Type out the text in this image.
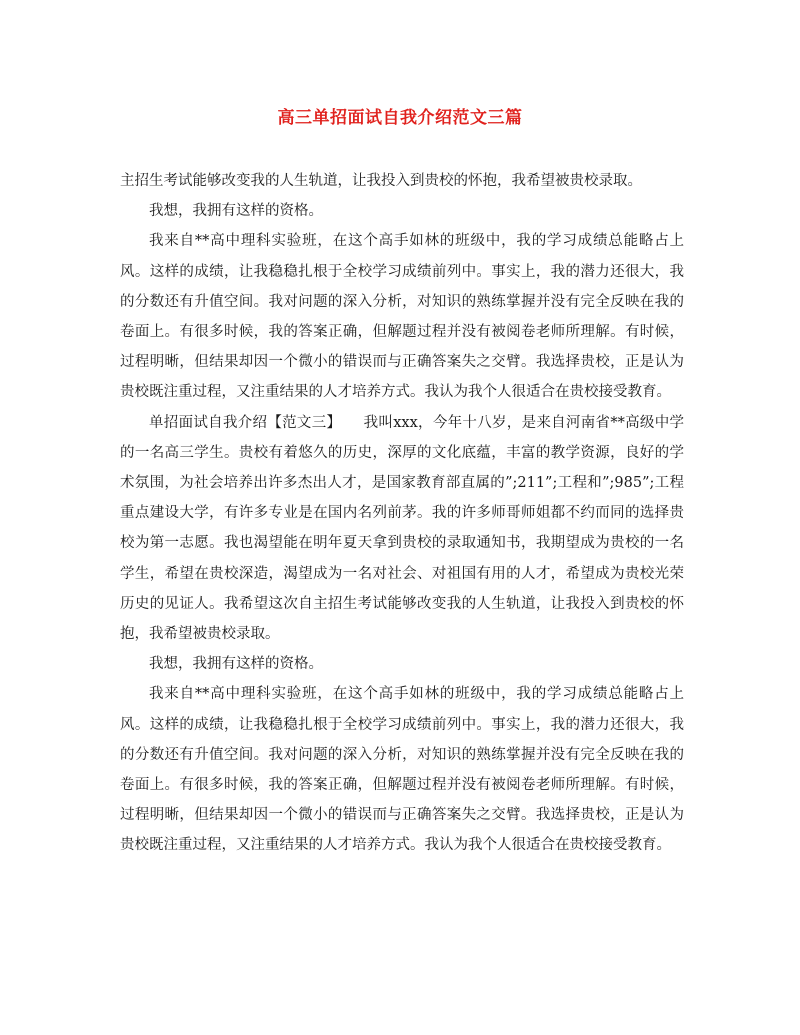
高三单招面试自我介绍范文三篇

主招生考试能够改变我的人生轨道，让我投入到贵校的怀抱，我希望被贵校录取。

我想，我拥有这样的资格。

我来自**高中理科实验班，在这个高手如林的班级中，我的学习成绩总能略占上风。这样的成绩，让我稳稳扎根于全校学习成绩前列中。事实上，我的潜力还很大，我的分数还有升值空间。我对问题的深入分析，对知识的熟练掌握并没有完全反映在我的卷面上。有很多时候，我的答案正确，但解题过程并没有被阅卷老师所理解。有时候，过程明晰，但结果却因一个微小的错误而与正确答案失之交臂。我选择贵校，正是认为贵校既注重过程，又注重结果的人才培养方式。我认为我个人很适合在贵校接受教育。

单招面试自我介绍【范文三】　　我叫xxx，今年十八岁，是来自河南省**高级中学的一名高三学生。贵校有着悠久的历史，深厚的文化底蕴，丰富的教学资源，良好的学术氛围，为社会培养出许多杰出人才，是国家教育部直属的”;211”;工程和”;985”;工程重点建设大学，有许多专业是在国内名列前茅。我的许多师哥师姐都不约而同的选择贵校为第一志愿。我也渴望能在明年夏天拿到贵校的录取通知书，我期望成为贵校的一名学生，希望在贵校深造，渴望成为一名对社会、对祖国有用的人才，希望成为贵校光荣历史的见证人。我希望这次自主招生考试能够改变我的人生轨道，让我投入到贵校的怀抱，我希望被贵校录取。

我想，我拥有这样的资格。

我来自**高中理科实验班，在这个高手如林的班级中，我的学习成绩总能略占上风。这样的成绩，让我稳稳扎根于全校学习成绩前列中。事实上，我的潜力还很大，我的分数还有升值空间。我对问题的深入分析，对知识的熟练掌握并没有完全反映在我的卷面上。有很多时候，我的答案正确，但解题过程并没有被阅卷老师所理解。有时候，过程明晰，但结果却因一个微小的错误而与正确答案失之交臂。我选择贵校，正是认为贵校既注重过程，又注重结果的人才培养方式。我认为我个人很适合在贵校接受教育。
